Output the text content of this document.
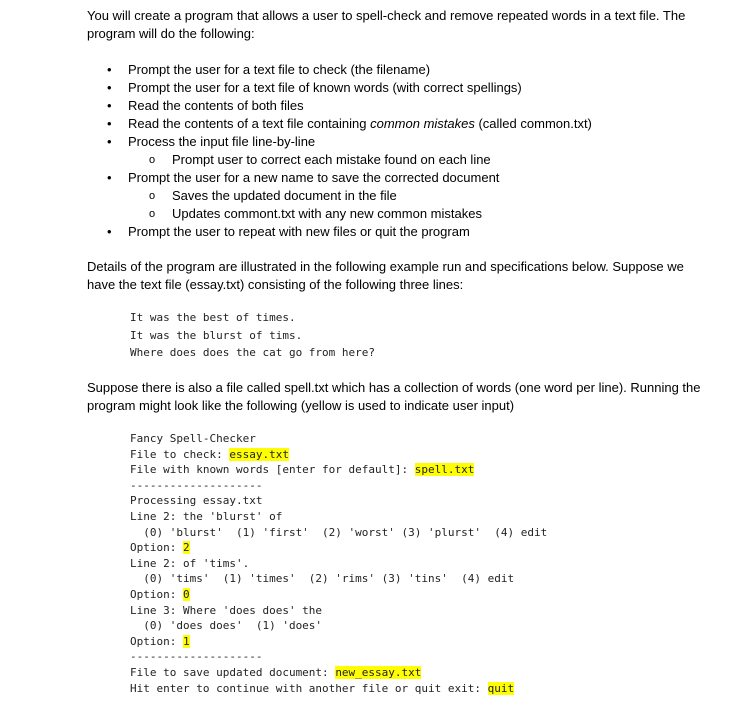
You will create a program that allows a user to spell-check and remove repeated words in a text file. The program will do the following:
• Prompt the user for a text file to check (the filename)
• Prompt the user for a text file of known words (with correct spellings)
• Read the contents of both files
• Read the contents of a text file containing common mistakes (called common.txt)
• Process the input file line-by-line
o Prompt user to correct each mistake found on each line
• Prompt the user for a new name to save the corrected document
o Saves the updated document in the file
o Updates commont.txt with any new common mistakes
• Prompt the user to repeat with new files or quit the program
Details of the program are illustrated in the following example run and specifications below. Suppose we have the text file (essay.txt) consisting of the following three lines:
It was the best of times.
It was the blurst of tims.
Where does does the cat go from here?
Suppose there is also a file called spell.txt which has a collection of words (one word per line). Running the program might look like the following (yellow is used to indicate user input)
Fancy Spell-Checker
File to check: essay.txt
File with known words [enter for default]: spell.txt
--------------------
Processing essay.txt
Line 2: the 'blurst' of
(0) 'blurst'  (1) 'first'  (2) 'worst' (3) 'plurst'  (4) edit
Option: 2
Line 2: of 'tims'.
(0) 'tims'  (1) 'times'  (2) 'rims' (3) 'tins'  (4) edit
Option: 0
Line 3: Where 'does does' the
(0) 'does does'  (1) 'does'
Option: 1
--------------------
File to save updated document: new_essay.txt
Hit enter to continue with another file or quit exit: quit
